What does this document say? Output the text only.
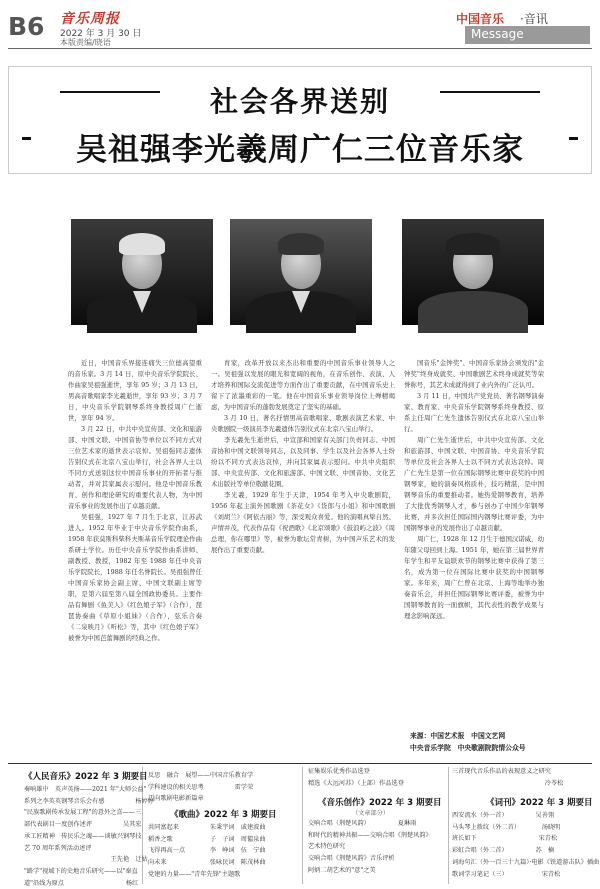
B6 音乐周报
2022 年 3 月 30 日
本版责编/晓语
中国音乐 ·音讯
Message
社会各界送别
吴祖强李光羲周广仁三位音乐家

近日，中国音乐界接连痛失三位德高望重的音乐家。3 月 14 日，原中央音乐学院院长、作曲家吴祖强逝世，享年 95 岁；3 月 13 日，男高音歌唱家李光羲逝世，享年 93 岁；3 月 7 日，中央音乐学院钢琴系终身教授周广仁逝世，享年 94 岁。

3 月 22 日，中共中央宣传部、文化和旅游部、中国文联、中国音协等单位以不同方式对三位艺术家的逝世表示哀悼。吴祖强同志遗体告别仪式在北京八宝山举行，社会各界人士以不同方式送别这位中国音乐事业的开拓者与推动者，并对其家属表示慰问。他是中国音乐教育、创作和理论研究的重要代表人物，为中国音乐事业的发展作出了卓越贡献。

吴祖强，1927 年 7 月生于北京，江苏武进人。1952 年毕业于中央音乐学院作曲系，1958 年获莫斯科柴科夫斯基音乐学院理论作曲系研士学位。历任中央音乐学院作曲系讲师、副教授、教授，1982 年至 1988 年任中央音乐学院院长，1988 年任名誉院长。吴祖强曾任中国音乐家协会副主席、中国文联副主席等职，是第六届至第八届全国政协委员。主要作品有舞剧《鱼美人》《红色娘子军》（合作），琵琶协奏曲《草原小姐妹》（合作），弦乐合奏《二泉映月》《听松》等，其中《红色娘子军》被誉为中国芭蕾舞剧的经典之作。

育家，改革开放以来杰出和重要的中国音乐事业领导人之一。吴祖强以发展的眼光和宽阔的视角，在音乐创作、表演、人才培养和国际交流促进等方面作出了重要贡献，在中国音乐史上留下了浓墨重彩的一笔。他在中国音乐事业领导岗位上殚精竭虑，为中国音乐的蓬勃发展奠定了坚实的基础。

3 月 10 日，著名抒情男高音歌唱家、歌剧表演艺术家、中央歌剧院一级演员李光羲遗体告别仪式在北京八宝山举行。

李光羲先生逝世后，中宣部和国家有关部门负责同志、中国音协和中国文联领导同志，以及同事、学生以及社会各界人士纷纷以不同方式表达哀悼，并向其家属表示慰问。中共中央组织部、中央宣传部、文化和旅游部、中国文联、中国音协、文化艺术出版社等单位敬献花圈。

李光羲，1929 年生于天津，1954 年考入中央歌剧院，1956 年起主演外国歌剧《茶花女》《货郎与小姐》和中国歌剧《刘胡兰》《阿依古丽》等，深受观众喜爱。他的演唱真挚自然、声情并茂，代表作品有《祝酒歌》《北京颂歌》《鼓浪屿之波》《周总理，你在哪里》等，被誉为歌坛常青树，为中国声乐艺术的发展作出了重要贡献。

国音乐"金钟奖"、中国音乐家协会颁发的"金钟奖"终身成就奖、中国歌剧艺术终身成就奖等荣誉称号，其艺术成就得到了业内外的广泛认可。

3 月 11 日，中国共产党党员、著名钢琴演奏家、教育家、中央音乐学院钢琴系终身教授、原系主任周广仁先生遗体告别仪式在北京八宝山举行。

周广仁先生逝世后，中共中央宣传部、文化和旅游部、中国文联、中国音协、中央音乐学院等单位及社会各界人士以不同方式表达哀悼。周广仁先生是第一位在国际钢琴比赛中获奖的中国钢琴家，她的演奏风格质朴，技巧精湛，是中国钢琴音乐的重要推动者。她热爱钢琴教育，培养了大批优秀钢琴人才，参与创办了中国少年钢琴比赛，并多次担任国际国内钢琴比赛评委，为中国钢琴事业的发展作出了卓越贡献。

周广仁，1928 年 12 月生于德国汉诺威，幼年随父母回到上海。1951 年，她在第三届世界青年学生和平友谊联欢节的钢琴比赛中获得了第三名，成为第一位在国际比赛中获奖的中国钢琴家。多年来，周广仁曾在北京、上海等地举办独奏音乐会，并担任国际钢琴比赛评委，被誉为中国钢琴教育的一面旗帜，其代表性的教学成果与理念影响深远。

来源：中国艺术报　中国文艺网
中央音乐学院　中央歌剧院院情公众号
《人民音乐》2022 年 3 期要目
奏响雄中　英声英扬——2021 年"大师公益"
系列之李英英钢琴音乐会有感　　　　　杨婷婷
"民族歌剧传承发展工程"的意外之喜——三
部代表剧目一度创作述评　　　　　吴其宏
承工匠精神　传民乐之魂——谈敏兴钢琴技
艺 70 周年系列活动述评
　　　　　　　　　　　　　　王先艳　迁姑
"路学"视域下的史地音乐研究——以"秦直
道"沿线为原点　　　　　　　　　　杨红
反思　融合　展望——中国音乐教育学
学科建设的相关思考　　　　　雷学荣
迈向歌剧电影新篇章
《歌曲》2022 年 3 期要目
共同富起来　　　　　朱秉宇词　戚建波曲
稻香之歌　　　　　　子　子词　周韫泉曲
飞得再高一点　　　　李　峥词　伍　宁曲
向未来　　　　　　　张咏民词　陈茂林曲
党建的力量——"青年先锋"主题歌
征集娱乐优秀作品选登
精选《大远河苏》（上部）作品选登
《音乐创作》2022 年 3 期要目
（文章部分）
交响合唱（荆楚风韵）　　　　　夏琳雨
和时代的精神共振——交响合唱《荆楚风韵》
艺术特色研究
交响合唱《荆楚风韵》音乐评析
阿炳二胡艺术的"意"之美
三首现代音乐作品的表现意义之研究
　　　　　　　　　　　　　　　冷苓松
《词刊》2022 年 3 期要目
西安流水（外一首）　　　　　吴善翎
马头琴上拨纹（外二首）　　　　汤晓明
班长如下　　　　　　　　　　宋青松
彩虹合唱（外二首）　　　　　苏　楠
词海句汇（外一百三十九篇）·电影《铁道游击队》插曲
歌词学习笔记（三）　　　　　　宋青松
